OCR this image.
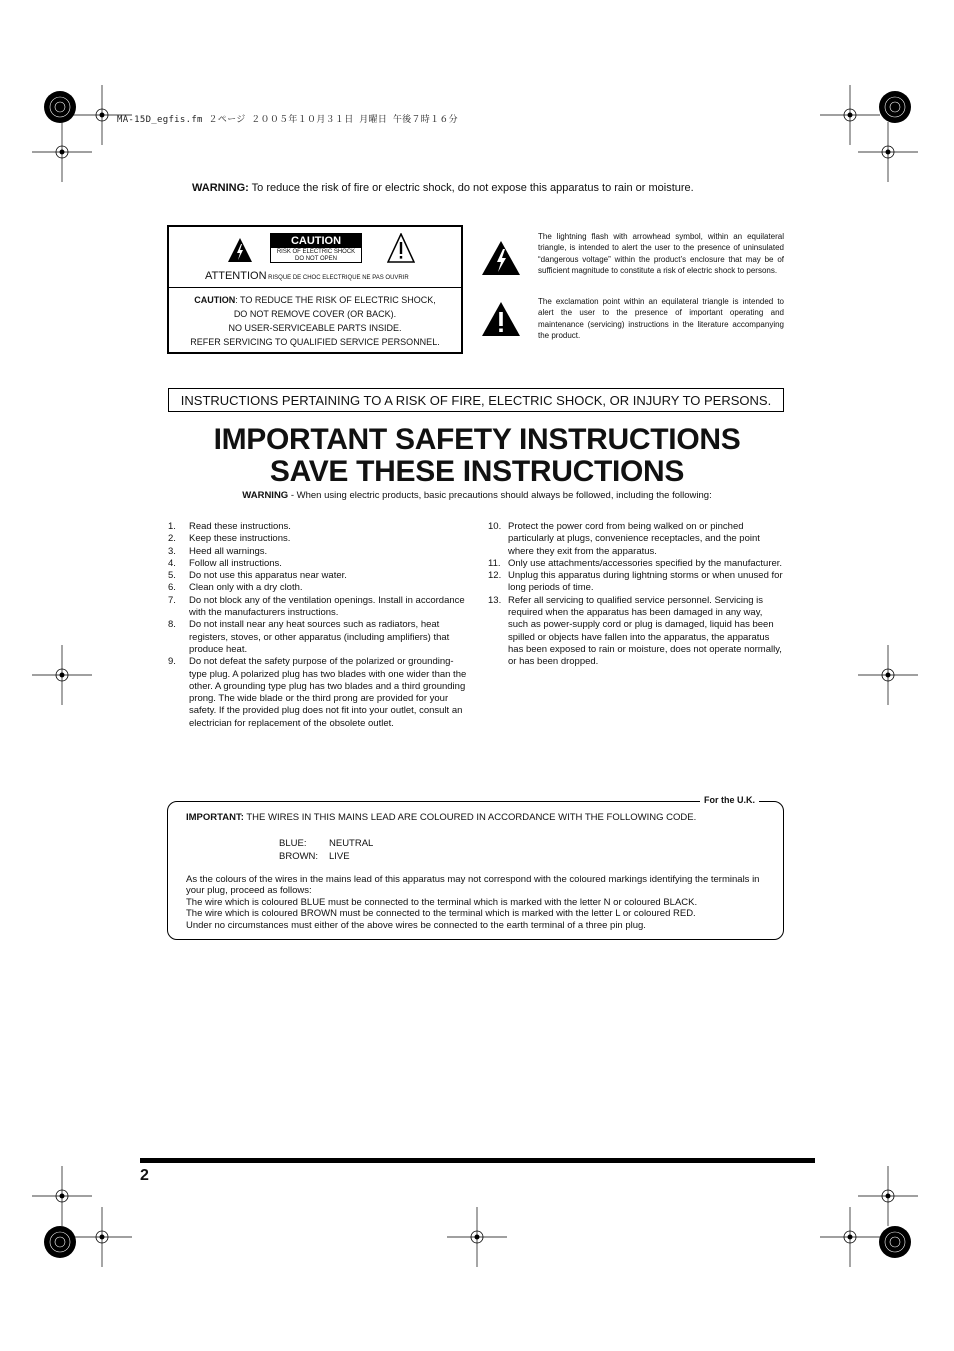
MA-15D_egfis.fm ２ページ ２００５年１０月３１日 月曜日 午後７時１６分
WARNING: To reduce the risk of fire or electric shock, do not expose this apparatus to rain or moisture.
CAUTION
RISK OF ELECTRIC SHOCK
DO NOT OPEN
ATTENTION RISQUE DE CHOC ELECTRIQUE NE PAS OUVRIR
CAUTION: TO REDUCE THE RISK OF ELECTRIC SHOCK,
DO NOT REMOVE COVER (OR BACK).
NO USER-SERVICEABLE PARTS INSIDE.
REFER SERVICING TO QUALIFIED SERVICE PERSONNEL.
The lightning flash with arrowhead symbol, within an equilateral triangle, is intended to alert the user to the presence of uninsulated “dangerous voltage” within the product’s enclosure that may be of sufficient magnitude to constitute a risk of electric shock to persons.
The exclamation point within an equilateral triangle is intended to alert the user to the presence of important operating and maintenance (servicing) instructions in the literature accompanying the product.
INSTRUCTIONS PERTAINING TO A RISK OF FIRE, ELECTRIC SHOCK, OR INJURY TO PERSONS.
IMPORTANT SAFETY INSTRUCTIONS
SAVE THESE INSTRUCTIONS
WARNING - When using electric products, basic precautions should always be followed, including the following:
1. Read these instructions.
2. Keep these instructions.
3. Heed all warnings.
4. Follow all instructions.
5. Do not use this apparatus near water.
6. Clean only with a dry cloth.
7. Do not block any of the ventilation openings. Install in accordance with the manufacturers instructions.
8. Do not install near any heat sources such as radiators, heat registers, stoves, or other apparatus (including amplifiers) that produce heat.
9. Do not defeat the safety purpose of the polarized or grounding-type plug. A polarized plug has two blades with one wider than the other. A grounding type plug has two blades and a third grounding prong. The wide blade or the third prong are provided for your safety. If the provided plug does not fit into your outlet, consult an electrician for replacement of the obsolete outlet.
10. Protect the power cord from being walked on or pinched particularly at plugs, convenience receptacles, and the point where they exit from the apparatus.
11. Only use attachments/accessories specified by the manufacturer.
12. Unplug this apparatus during lightning storms or when unused for long periods of time.
13. Refer all servicing to qualified service personnel. Servicing is required when the apparatus has been damaged in any way, such as power-supply cord or plug is damaged, liquid has been spilled or objects have fallen into the apparatus, the apparatus has been exposed to rain or moisture, does not operate normally, or has been dropped.
For the U.K.
IMPORTANT: THE WIRES IN THIS MAINS LEAD ARE COLOURED IN ACCORDANCE WITH THE FOLLOWING CODE.
BLUE: NEUTRAL
BROWN: LIVE
As the colours of the wires in the mains lead of this apparatus may not correspond with the coloured markings identifying the terminals in your plug, proceed as follows:
The wire which is coloured BLUE must be connected to the terminal which is marked with the letter N or coloured BLACK.
The wire which is coloured BROWN must be connected to the terminal which is marked with the letter L or coloured RED.
Under no circumstances must either of the above wires be connected to the earth terminal of a three pin plug.
2
